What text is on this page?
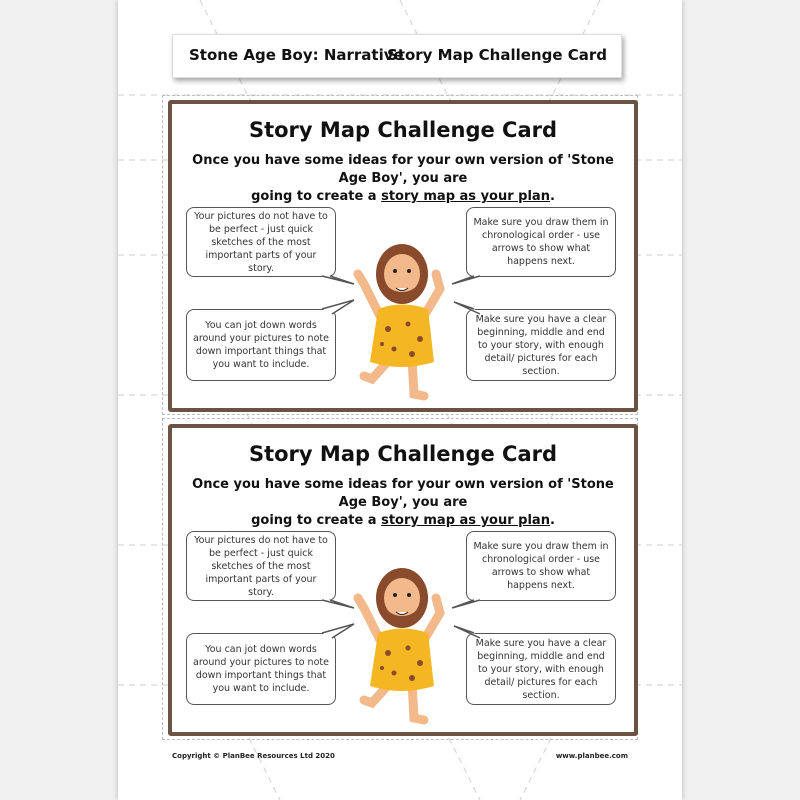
Stone Age Boy: Narrative
Story Map Challenge Card
Story Map Challenge Card
Once you have some ideas for your own version of 'Stone Age Boy', you are
going to create a story map as your plan.
Your pictures do not have to be perfect - just quick sketches of the most important parts of your story.
You can jot down words around your pictures to note down important things that you want to include.
Make sure you draw them in chronological order - use arrows to show what happens next.
Make sure you have a clear beginning, middle and end to your story, with enough detail/ pictures for each section.
Story Map Challenge Card
Once you have some ideas for your own version of 'Stone Age Boy', you are
going to create a story map as your plan.
Your pictures do not have to be perfect - just quick sketches of the most important parts of your story.
You can jot down words around your pictures to note down important things that you want to include.
Make sure you draw them in chronological order - use arrows to show what happens next.
Make sure you have a clear beginning, middle and end to your story, with enough detail/ pictures for each section.
Copyright © PlanBee Resources Ltd 2020	www.planbee.com
